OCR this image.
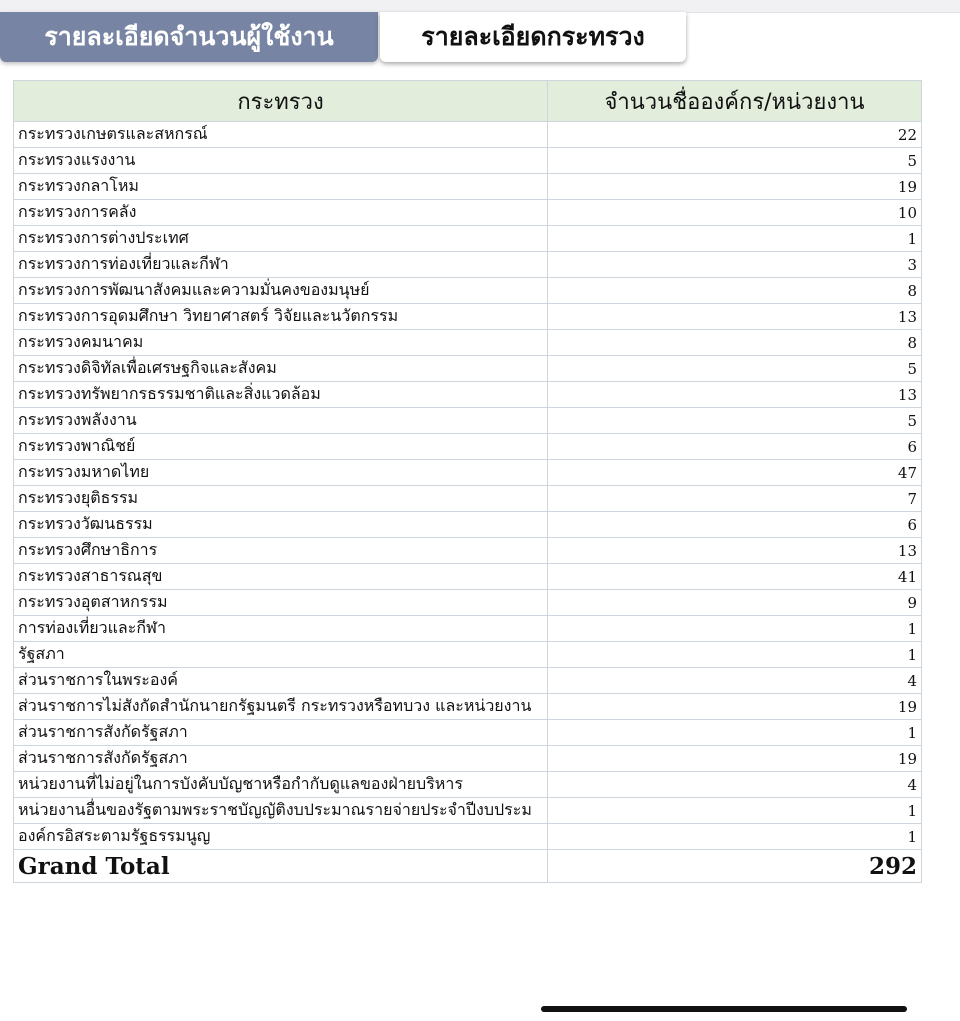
รายละเอียดจำนวนผู้ใช้งาน	รายละเอียดกระทรวง
กระทรวง	จำนวนชื่อองค์กร/หน่วยงาน
กระทรวงเกษตรและสหกรณ์	22
กระทรวงแรงงาน	5
กระทรวงกลาโหม	19
กระทรวงการคลัง	10
กระทรวงการต่างประเทศ	1
กระทรวงการท่องเที่ยวและกีฬา	3
กระทรวงการพัฒนาสังคมและความมั่นคงของมนุษย์	8
กระทรวงการอุดมศึกษา วิทยาศาสตร์ วิจัยและนวัตกรรม	13
กระทรวงคมนาคม	8
กระทรวงดิจิทัลเพื่อเศรษฐกิจและสังคม	5
กระทรวงทรัพยากรธรรมชาติและสิ่งแวดล้อม	13
กระทรวงพลังงาน	5
กระทรวงพาณิชย์	6
กระทรวงมหาดไทย	47
กระทรวงยุติธรรม	7
กระทรวงวัฒนธรรม	6
กระทรวงศึกษาธิการ	13
กระทรวงสาธารณสุข	41
กระทรวงอุตสาหกรรม	9
การท่องเที่ยวและกีฬา	1
รัฐสภา	1
ส่วนราชการในพระองค์	4
ส่วนราชการไม่สังกัดสำนักนายกรัฐมนตรี กระทรวงหรือทบวง และหน่วยงาน	19
ส่วนราชการสังกัดรัฐสภา	1
ส่วนราชการสังกัดรัฐสภา	19
หน่วยงานที่ไม่อยู่ในการบังคับบัญชาหรือกำกับดูแลของฝ่ายบริหาร	4
หน่วยงานอื่นของรัฐตามพระราชบัญญัติงบประมาณรายจ่ายประจำปีงบประม	1
องค์กรอิสระตามรัฐธรรมนูญ	1
Grand Total	292
